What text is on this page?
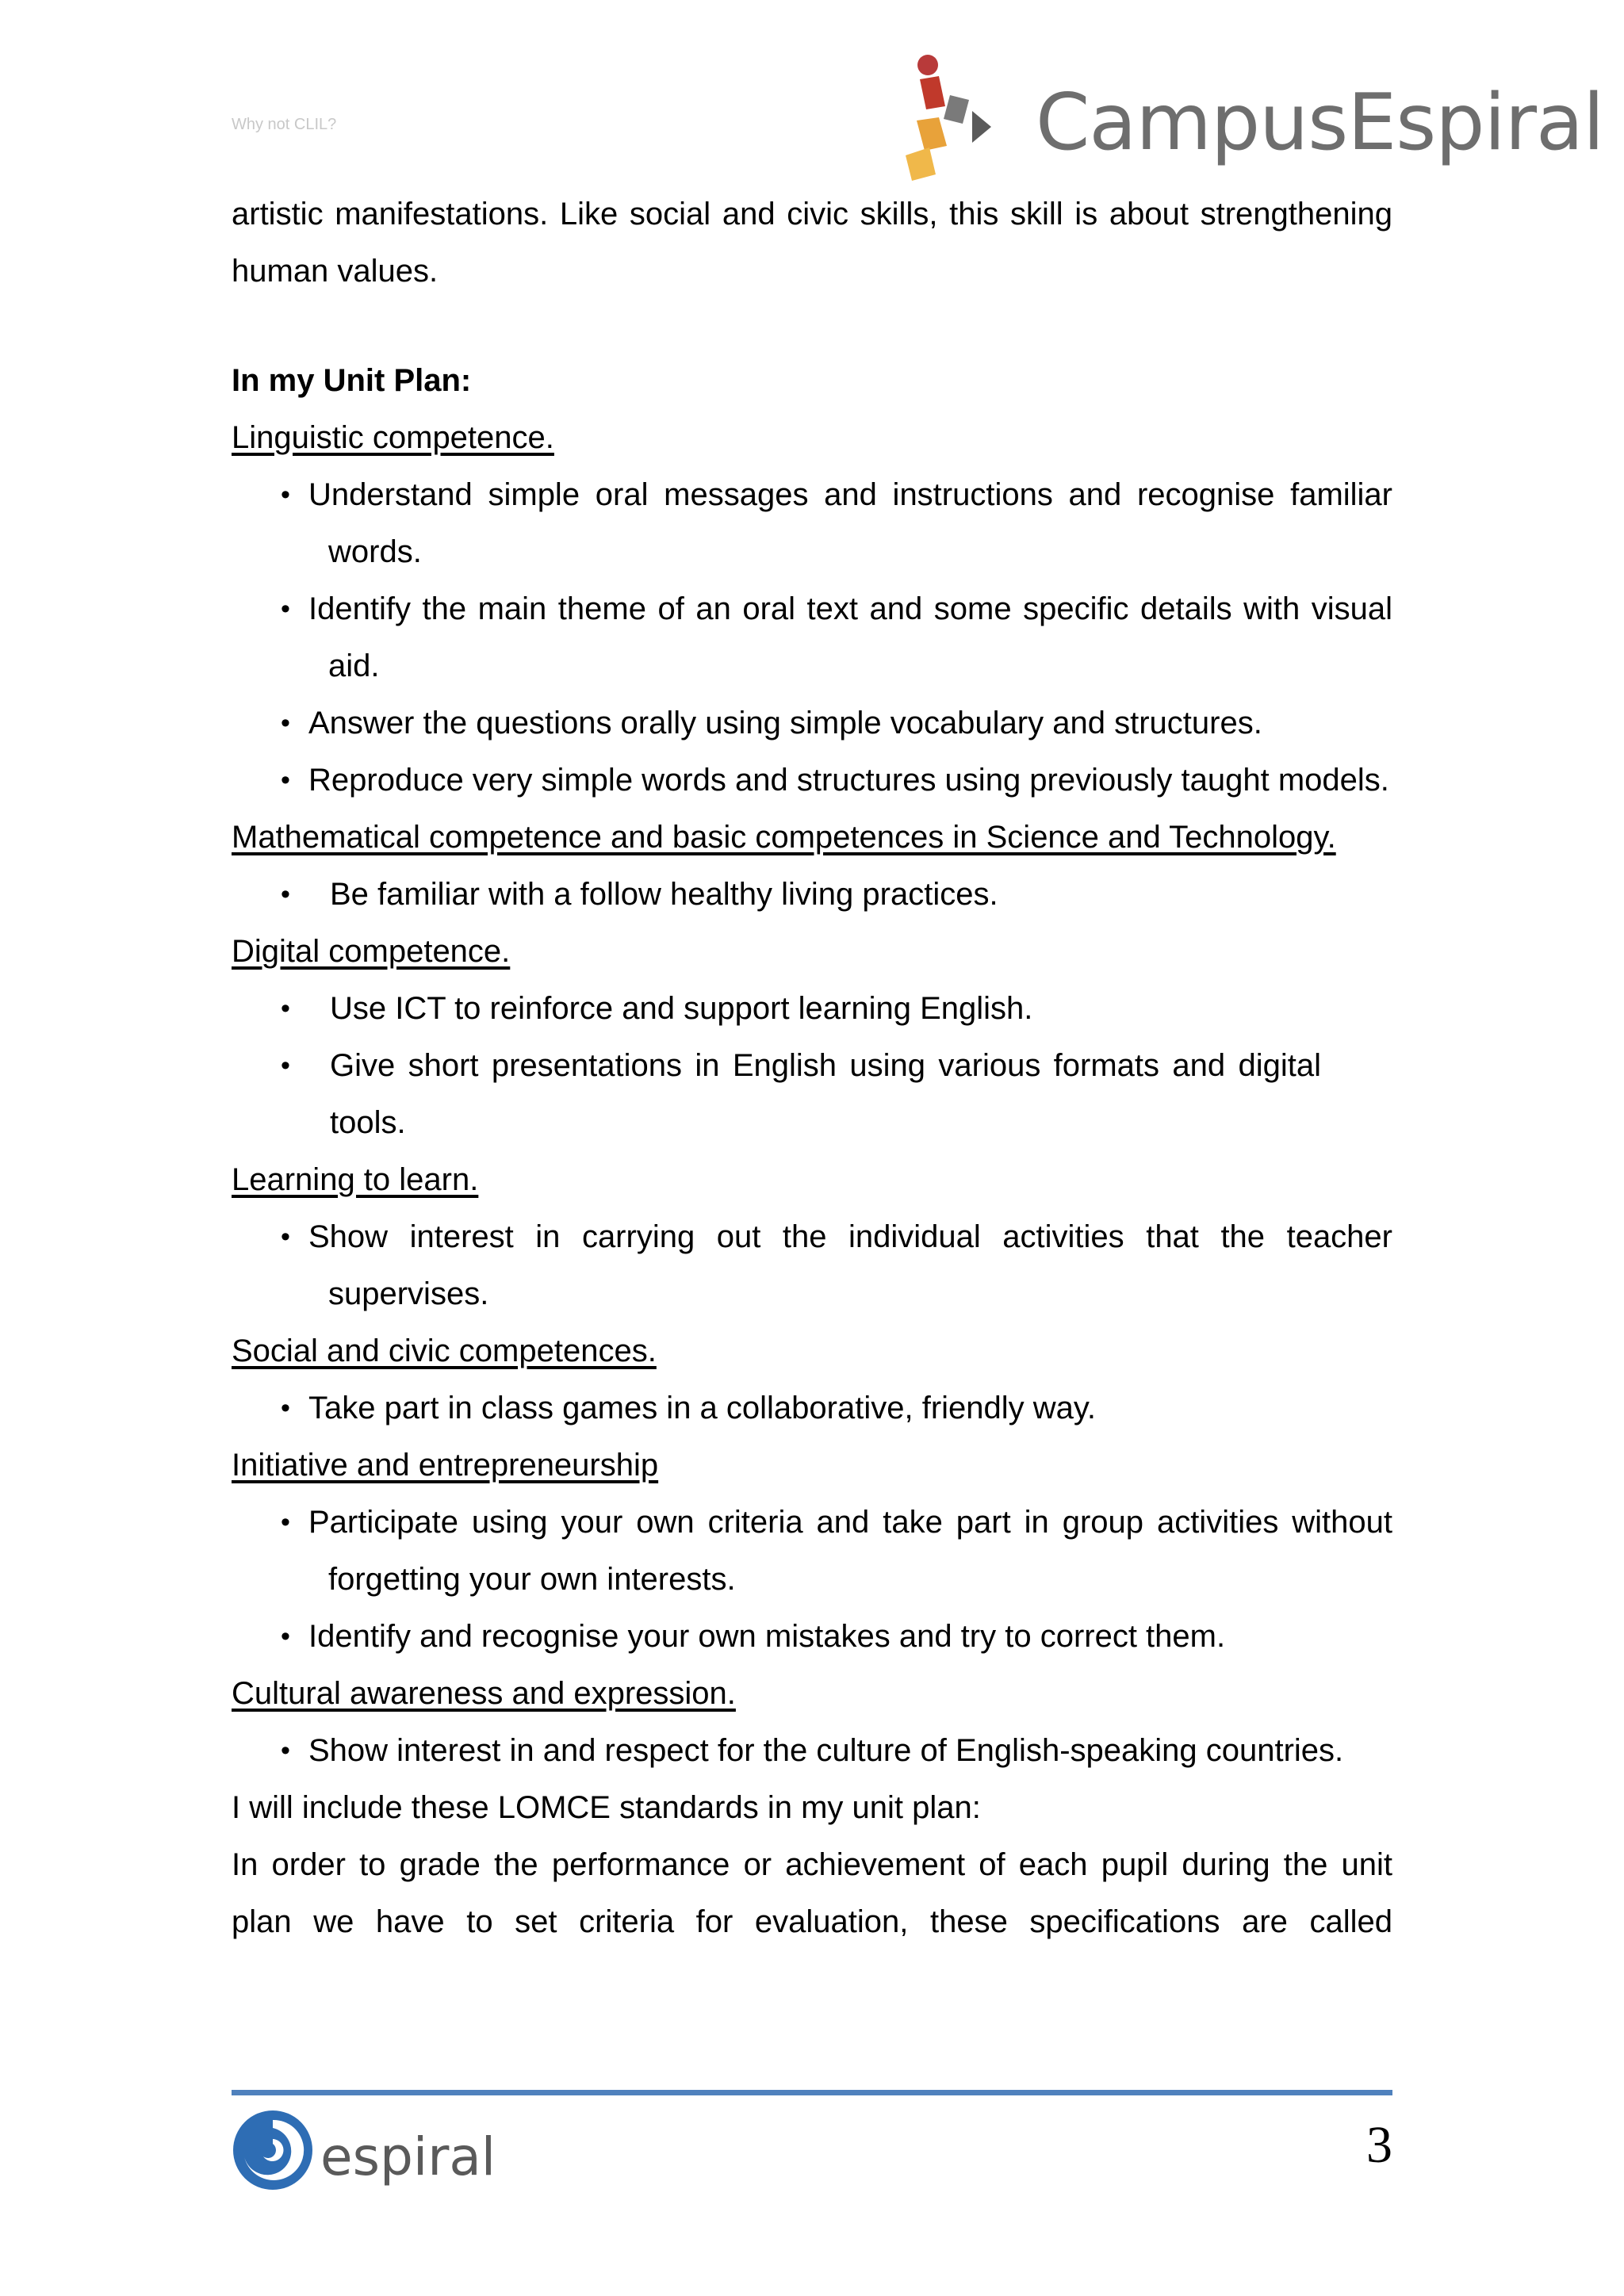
Why not CLIL?	CampusEspiral

artistic manifestations. Like social and civic skills, this skill is about strengthening human values.

In my Unit Plan:

Linguistic competence.

• Understand simple oral messages and instructions and recognise familiar words.
• Identify the main theme of an oral text and some specific details with visual aid.
• Answer the questions orally using simple vocabulary and structures.
• Reproduce very simple words and structures using previously taught models.

Mathematical competence and basic competences in Science and Technology.

• Be familiar with a follow healthy living practices.

Digital competence.

• Use ICT to reinforce and support learning English.
• Give short presentations in English using various formats and digital tools.

Learning to learn.

• Show interest in carrying out the individual activities that the teacher supervises.

Social and civic competences.

• Take part in class games in a collaborative, friendly way.

Initiative and entrepreneurship

• Participate using your own criteria and take part in group activities without forgetting your own interests.
• Identify and recognise your own mistakes and try to correct them.

Cultural awareness and expression.

• Show interest in and respect for the culture of English-speaking countries.

I will include these LOMCE standards in my unit plan:

In order to grade the performance or achievement of each pupil during the unit plan we have to set criteria for evaluation, these specifications are called

espiral	3
